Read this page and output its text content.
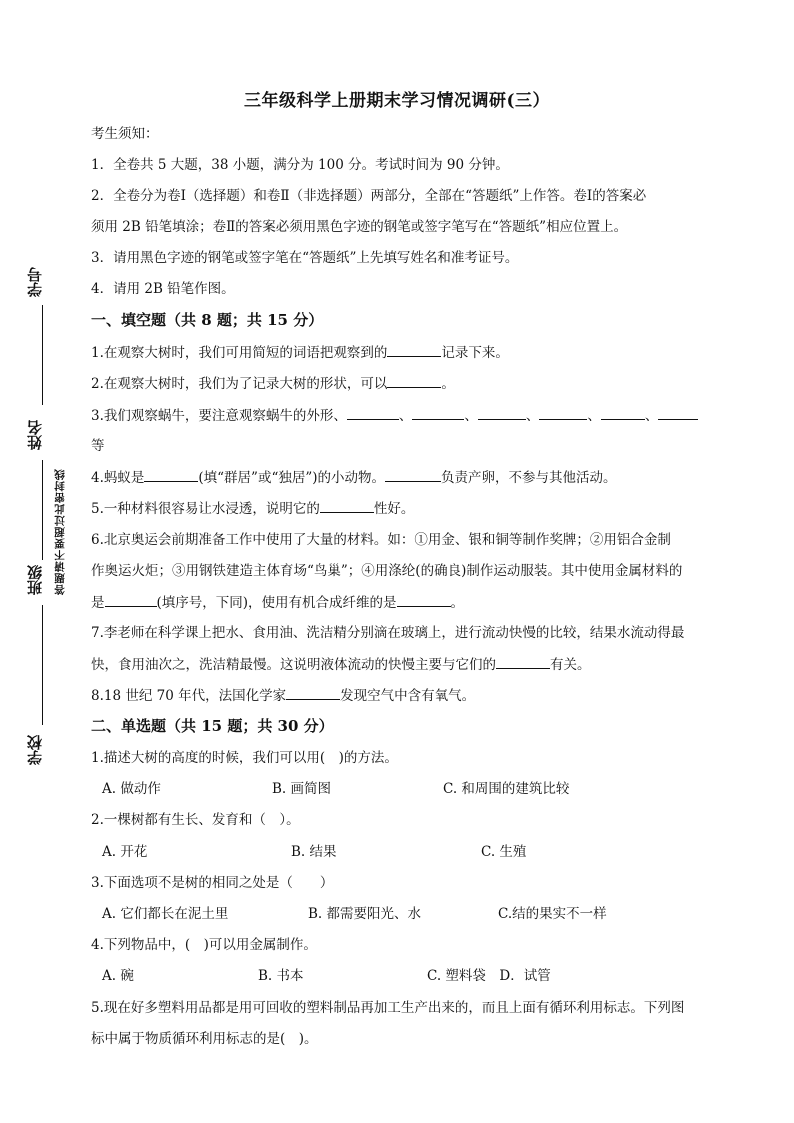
学号
姓名
答题请不要超过此密封线
班级
学校
三年级科学上册期末学习情况调研(三）
考生须知：
1．全卷共 5 大题，38 小题，满分为 100 分。考试时间为 90 分钟。
2．全卷分为卷Ⅰ（选择题）和卷Ⅱ（非选择题）两部分，全部在“答题纸”上作答。卷Ⅰ的答案必
须用 2B 铅笔填涂；卷Ⅱ的答案必须用黑色字迹的钢笔或签字笔写在“答题纸”相应位置上。
3．请用黑色字迹的钢笔或签字笔在“答题纸”上先填写姓名和准考证号。
4．请用 2B 铅笔作图。
一、填空题（共 8 题；共 15 分）
1.在观察大树时，我们可用简短的词语把观察到的	记录下来。
2.在观察大树时，我们为了记录大树的形状，可以	。
3.我们观察蜗牛，要注意观察蜗牛的外形、	、	、	、	、	、
等
4.蚂蚁是	(填“群居”或“独居”)的小动物。	负责产卵，不参与其他活动。
5.一种材料很容易让水浸透，说明它的	性好。
6.北京奥运会前期准备工作中使用了大量的材料。如：①用金、银和铜等制作奖牌；②用铝合金制
作奥运火炬；③用钢铁建造主体育场“鸟巢”；④用涤纶(的确良)制作运动服装。其中使用金属材料的
是	(填序号，下同)，使用有机合成纤维的是	。
7.李老师在科学课上把水、食用油、洗洁精分别滴在玻璃上，进行流动快慢的比较，结果水流动得最
快，食用油次之，洗洁精最慢。这说明液体流动的快慢主要与它们的	有关。
8.18 世纪 70 年代，法国化学家	发现空气中含有氧气。
二、单选题（共 15 题；共 30 分）
1.描述大树的高度的时候，我们可以用(　)的方法。
A. 做动作	B. 画简图	C. 和周围的建筑比较
2.一棵树都有生长、发育和（　）。
A. 开花	B. 结果	C. 生殖
3.下面选项不是树的相同之处是（　　）
A. 它们都长在泥土里	B. 都需要阳光、水	C.结的果实不一样
4.下列物品中，(　)可以用金属制作。
A. 碗	B. 书本	C. 塑料袋　D．试管
5.现在好多塑料用品都是用可回收的塑料制品再加工生产出来的，而且上面有循环利用标志。下列图
标中属于物质循环利用标志的是(　)。
